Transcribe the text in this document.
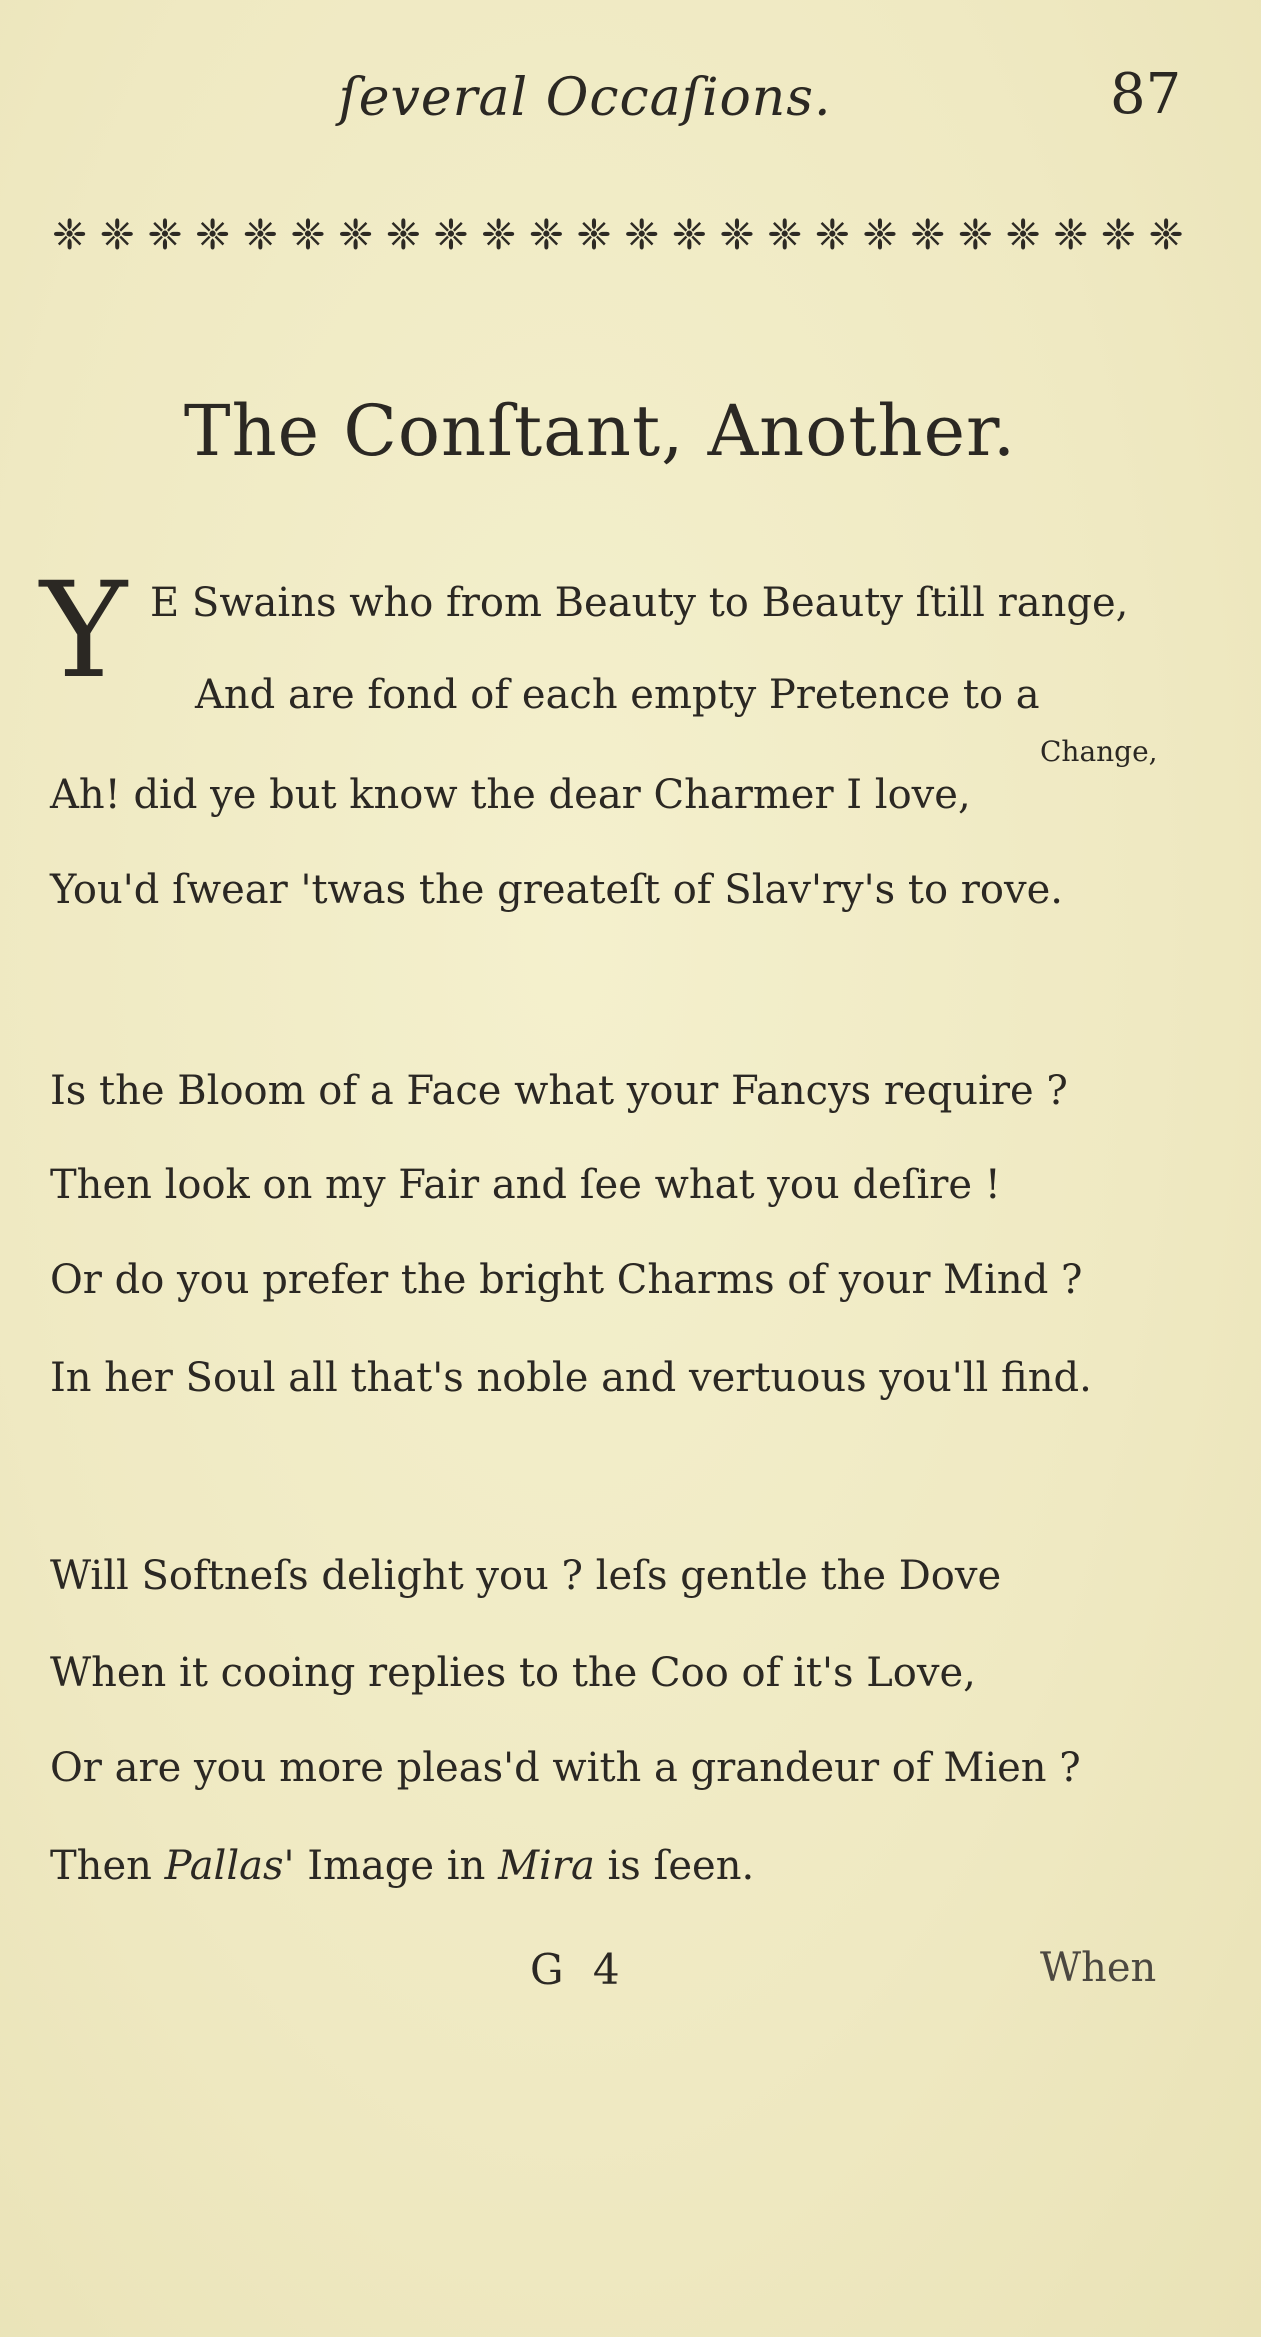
ſeveral Occaſions.	87
❈ ❈ ❈ ❈ ❈ ❈ ❈ ❈ ❈ ❈ ❈ ❈ ❈ ❈ ❈ ❈ ❈ ❈ ❈ ❈ ❈ ❈ ❈ ❈
The Conſtant, Another.
Y E Swains who from Beauty to Beauty ſtill range,
And are fond of each empty Pretence to a
Change,
Ah! did ye but know the dear Charmer I love,
You'd ſwear 'twas the greateſt of Slav'ry's to rove.
Is the Bloom of a Face what your Fancys require ?
Then look on my Fair and ſee what you deſire !
Or do you prefer the bright Charms of your Mind ?
In her Soul all that's noble and vertuous you'll find.
Will Softneſs delight you ? leſs gentle the Dove
When it cooing replies to the Coo of it's Love,
Or are you more pleas'd with a grandeur of Mien ?
Then Pallas' Image in Mira is ſeen.
G 4	When
